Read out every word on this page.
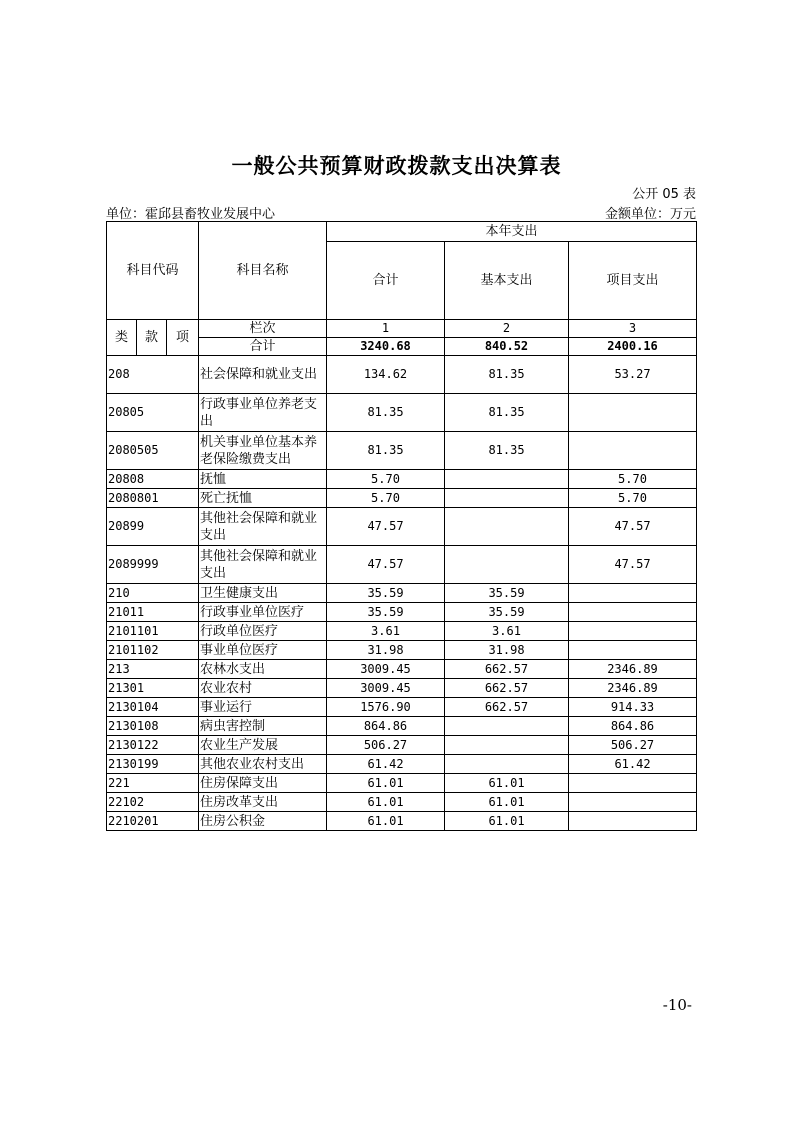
一般公共预算财政拨款支出决算表
公开 05 表
单位：霍邱县畜牧业发展中心	金额单位：万元
科目代码			科目名称	本年支出		
				合计	基本支出	项目支出
类	款	项	栏次	1	2	3
			合计	3240.68	840.52	2400.16
208			社会保障和就业支出	134.62	81.35	53.27
20805			行政事业单位养老支出	81.35	81.35	
2080505			机关事业单位基本养老保险缴费支出	81.35	81.35	
20808			抚恤	5.70		5.70
2080801			死亡抚恤	5.70		5.70
20899			其他社会保障和就业支出	47.57		47.57
2089999			其他社会保障和就业支出	47.57		47.57
210			卫生健康支出	35.59	35.59	
21011			行政事业单位医疗	35.59	35.59	
2101101			行政单位医疗	3.61	3.61	
2101102			事业单位医疗	31.98	31.98	
213			农林水支出	3009.45	662.57	2346.89
21301			农业农村	3009.45	662.57	2346.89
2130104			事业运行	1576.90	662.57	914.33
2130108			病虫害控制	864.86		864.86
2130122			农业生产发展	506.27		506.27
2130199			其他农业农村支出	61.42		61.42
221			住房保障支出	61.01	61.01	
22102			住房改革支出	61.01	61.01	
2210201			住房公积金	61.01	61.01	
-10-
